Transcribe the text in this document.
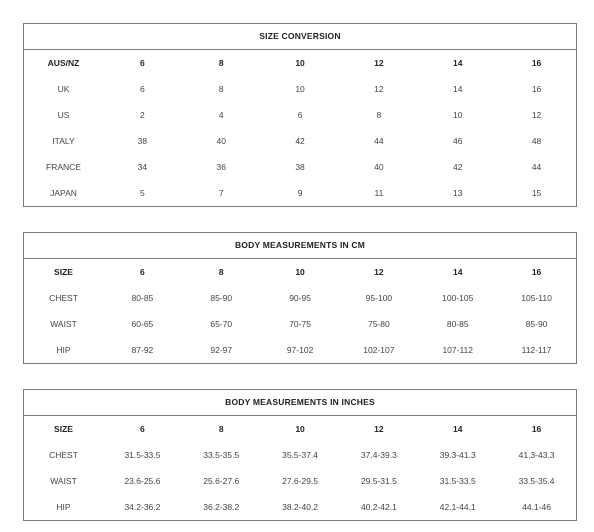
SIZE CONVERSION
AUS/NZ	6	8	10	12	14	16
UK	6	8	10	12	14	16
US	2	4	6	8	10	12
ITALY	38	40	42	44	46	48
FRANCE	34	36	38	40	42	44
JAPAN	5	7	9	11	13	15
BODY MEASUREMENTS IN CM
SIZE	6	8	10	12	14	16
CHEST	80-85	85-90	90-95	95-100	100-105	105-110
WAIST	60-65	65-70	70-75	75-80	80-85	85-90
HIP	87-92	92-97	97-102	102-107	107-112	112-117
BODY MEASUREMENTS IN INCHES
SIZE	6	8	10	12	14	16
CHEST	31.5-33.5	33.5-35.5	35.5-37.4	37.4-39.3	39.3-41.3	41.3-43.3
WAIST	23.6-25.6	25.6-27.6	27.6-29.5	29.5-31.5	31.5-33.5	33.5-35.4
HIP	34.2-36.2	36.2-38.2	38.2-40.2	40.2-42.1	42.1-44.1	44.1-46
